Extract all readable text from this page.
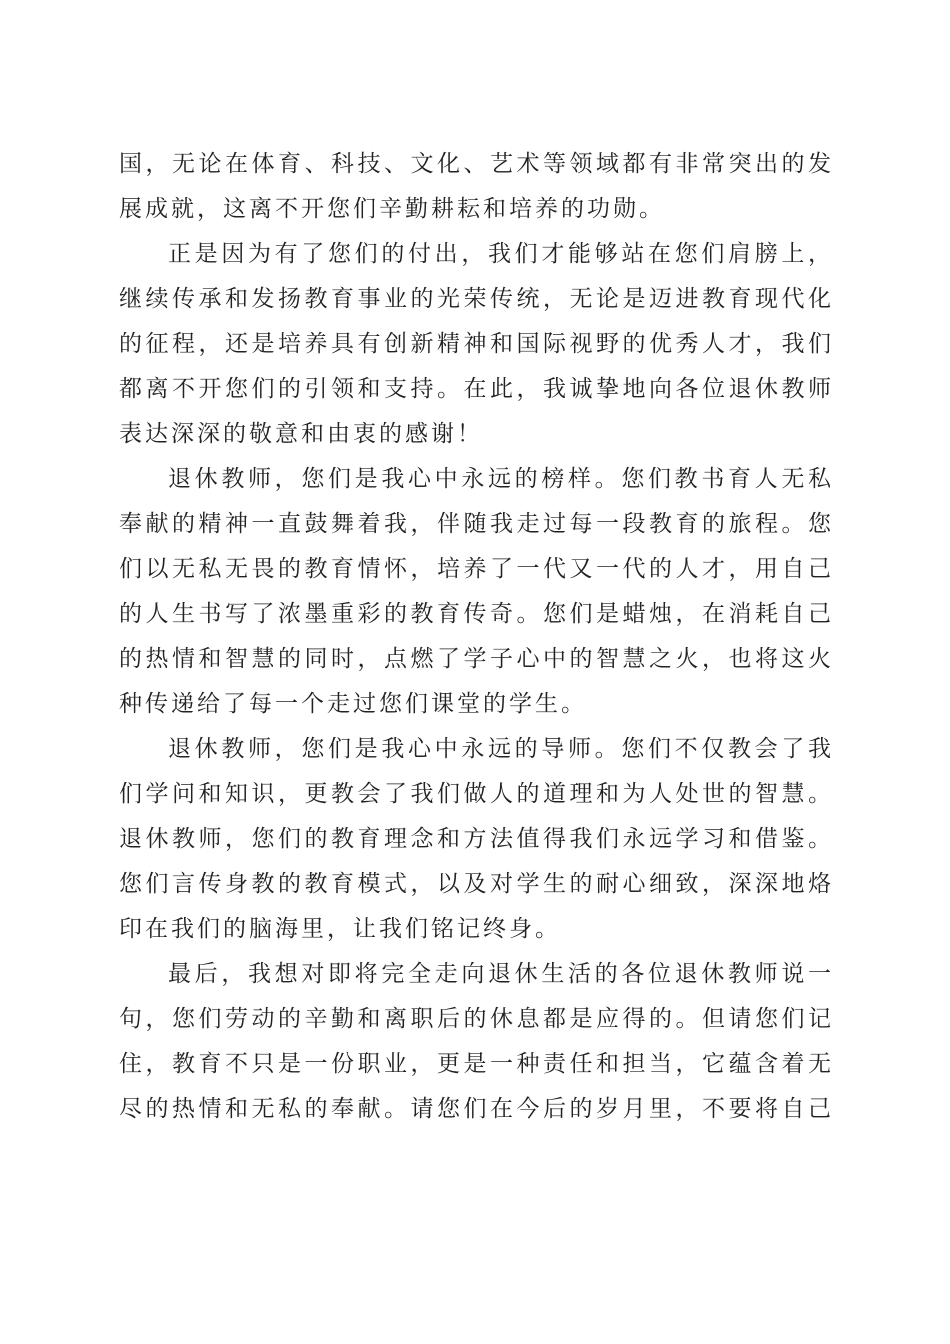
国，无论在体育、科技、文化、艺术等领域都有非常突出的发
展成就，这离不开您们辛勤耕耘和培养的功勋。
正是因为有了您们的付出，我们才能够站在您们肩膀上，
继续传承和发扬教育事业的光荣传统，无论是迈进教育现代化
的征程，还是培养具有创新精神和国际视野的优秀人才，我们
都离不开您们的引领和支持。在此，我诚挚地向各位退休教师
表达深深的敬意和由衷的感谢！
退休教师，您们是我心中永远的榜样。您们教书育人无私
奉献的精神一直鼓舞着我，伴随我走过每一段教育的旅程。您
们以无私无畏的教育情怀，培养了一代又一代的人才，用自己
的人生书写了浓墨重彩的教育传奇。您们是蜡烛，在消耗自己
的热情和智慧的同时，点燃了学子心中的智慧之火，也将这火
种传递给了每一个走过您们课堂的学生。
退休教师，您们是我心中永远的导师。您们不仅教会了我
们学问和知识，更教会了我们做人的道理和为人处世的智慧。
退休教师，您们的教育理念和方法值得我们永远学习和借鉴。
您们言传身教的教育模式，以及对学生的耐心细致，深深地烙
印在我们的脑海里，让我们铭记终身。
最后，我想对即将完全走向退休生活的各位退休教师说一
句，您们劳动的辛勤和离职后的休息都是应得的。但请您们记
住，教育不只是一份职业，更是一种责任和担当，它蕴含着无
尽的热情和无私的奉献。请您们在今后的岁月里，不要将自己
